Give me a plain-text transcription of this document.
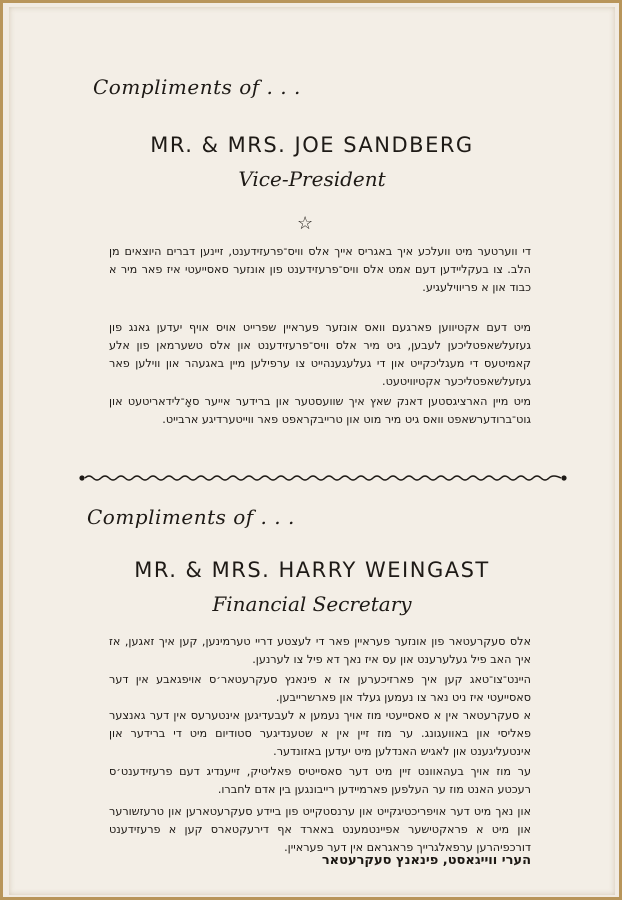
Compliments of . . .
MR. & MRS. JOE SANDBERG
Vice-President
☆
די ווערטער מיט וועלכע איך באגריס אייך אלס וויס־פרעזידענט, זיינען דברים היוצאים מן הלב. צו בעקליידען דעם אמט אלס וויס־פרעזידענט פון אונזער סאסייעטי איז פאר מיר א כבוד און א פריווילעגיע.
מיט דעם אקטיווען פארגעם וואס אונזער פעראיין שפרייט אויס אויף יעדען גאנג פון געזעלשאפטליכען לעבען, גיט מיר אלס וויס־פרעזידענט און אלס טשערמאן פון אלע קאמיטעס די מעגליכקייט און די געלעגענהייט צו ערפילען מיין באגעהר און ווילען פאר געזעלשאפטליכער אקטיוויטעט.
מיט מיין הארציגסטען דאנק שאץ איך שוועסטער און ברידער אייער סאָ־לידאריטעט און גוט־ברודערשאפט וואס גיט מיר מוט און טרייבקראפט פאר ווייטערדיגע ארבייט.
Compliments of . . .
MR. & MRS. HARRY WEINGAST
Financial Secretary
אלס סעקרעטאר פון אונזער פעראיין פאר די לעצטע דריי טערמינען, קען איך זאגען, אז איך האב פיל געלערענט און עס איז נאך דא פיל צו לערנען.
היינט־צו־טאג קען איך פארזיכערען אז א פינאנץ סעקרעטאר׳ס אויפגאבע אין דער סאסייעטי איז ניט נאר צו נעמען געלד און פארשרייבען.
א סעקרעטאר אין א סאסייעטי מוז אויך נעמען א לעבעדיגען אינטערעס אין דער גאנצער פאליסי און באוועגונג. ער מוז זיין אין א שטענדיגער סטודיום מיט די ברידער און אינטעליגענט און לאגיש האנדלען מיט יעדען באזונדער.
ער מוז אויך בעהאוונט זיין מיט דער סאסייטיס פאליטיק, זייענדיג דעם פרעזידענט׳ס רעכטע האנט מוז ער העלפען פארמיידען רייבונגען בין אדם לחברו.
און נאך מיט דער אויפריכטיגקייט און ערנסטקייט פון ביידע סעקרעטארען און טרעזשורער און מיט א פראקטישער אפיינטמענט באארד אף דירעקטארס קען א פרעזידענט דורכפיהרען ערפאלגרייך פראגראם אין דער פעראיין.
הערי ווייגאסט, פינאנץ סעקרעטאר
